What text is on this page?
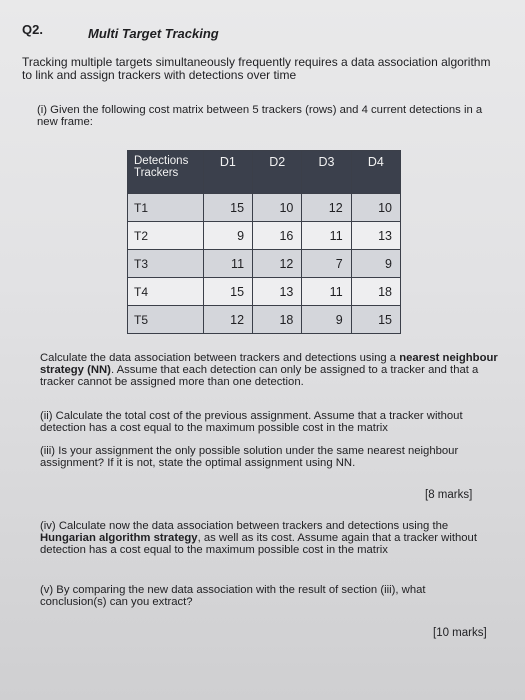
Q2.	Multi Target Tracking
Tracking multiple targets simultaneously frequently requires a data association algorithm to link and assign trackers with detections over time
(i) Given the following cost matrix between 5 trackers (rows) and 4 current detections in a new frame:
Detections
Trackers	D1	D2	D3	D4
T1	15	10	12	10
T2	9	16	11	13
T3	11	12	7	9
T4	15	13	11	18
T5	12	18	9	15
Calculate the data association between trackers and detections using a nearest neighbour strategy (NN). Assume that each detection can only be assigned to a tracker and that a tracker cannot be assigned more than one detection.
(ii) Calculate the total cost of the previous assignment. Assume that a tracker without detection has a cost equal to the maximum possible cost in the matrix
(iii) Is your assignment the only possible solution under the same nearest neighbour assignment? If it is not, state the optimal assignment using NN.
[8 marks]
(iv) Calculate now the data association between trackers and detections using the Hungarian algorithm strategy, as well as its cost. Assume again that a tracker without detection has a cost equal to the maximum possible cost in the matrix
(v) By comparing the new data association with the result of section (iii), what conclusion(s) can you extract?
[10 marks]
